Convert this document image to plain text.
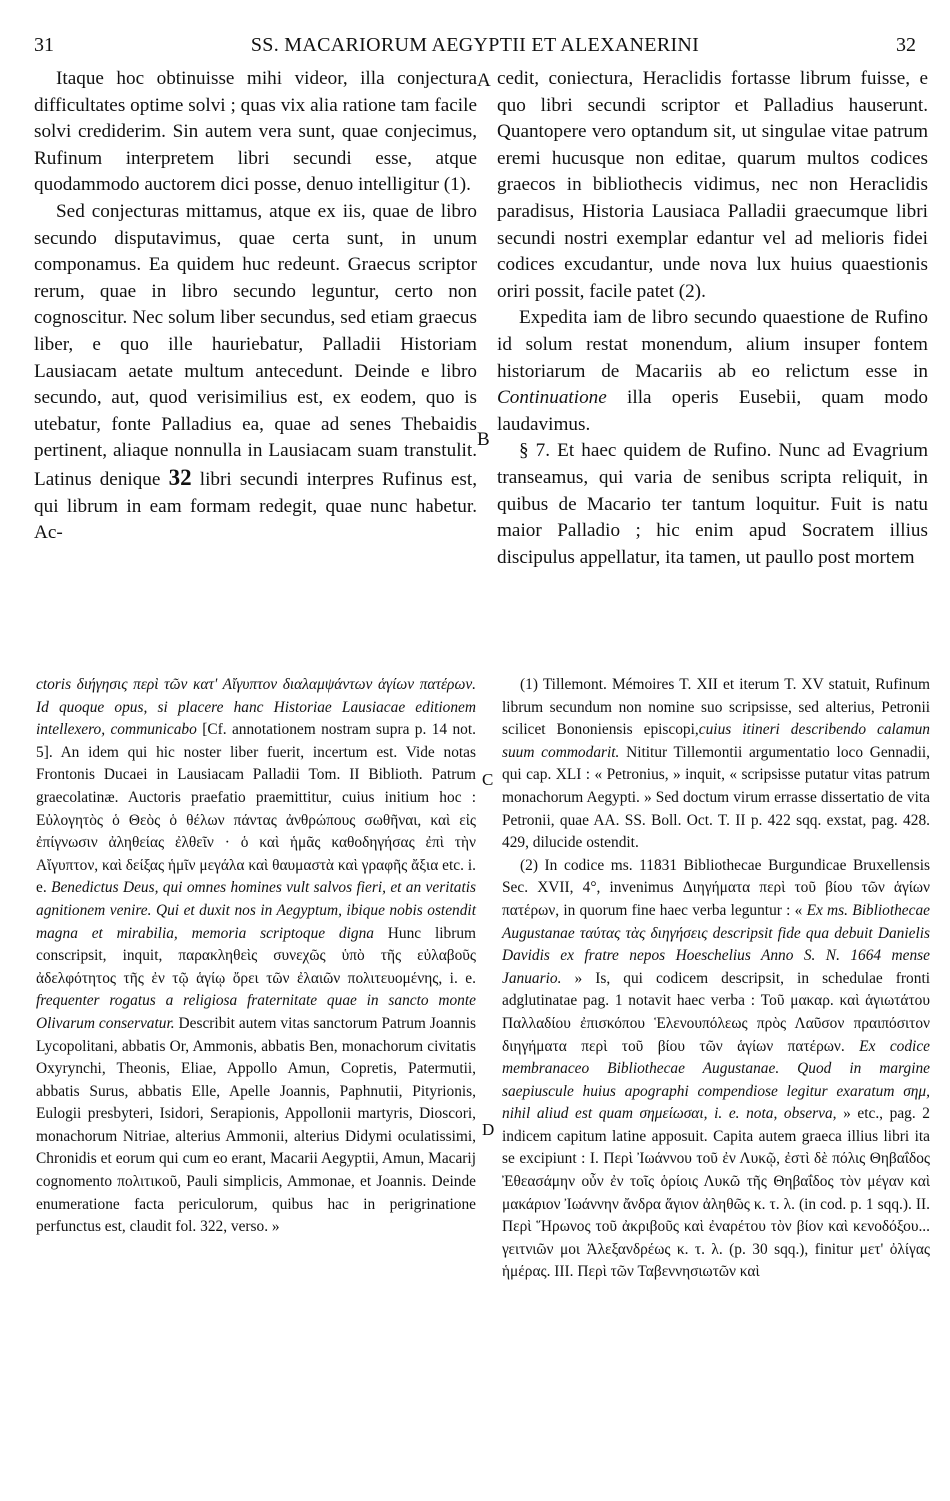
31	SS. MACARIORUM AEGYPTII ET ALEXANERINI	32
A
B
C
D

Itaque hoc obtinuisse mihi videor, illa conjectura difficultates optime solvi ; quas vix alia ratione tam facile solvi crediderim. Sin autem vera sunt, quae conjecimus, Rufinum interpretem libri secundi esse, atque quodammodo auctorem dici posse, denuo intelligitur (1).

Sed conjecturas mittamus, atque ex iis, quae de libro secundo disputavimus, quae certa sunt, in unum componamus. Ea quidem huc redeunt. Graecus scriptor rerum, quae in libro secundo leguntur, certo non cognoscitur. Nec solum liber secundus, sed etiam graecus liber, e quo ille hauriebatur, Palladii Historiam Lausiacam aetate multum antecedunt. Deinde e libro secundo, aut, quod verisimilius est, ex eodem, quo is utebatur, fonte Palladius ea, quae ad senes Thebaidis pertinent, aliaque nonnulla in Lausiacam suam transtulit. Latinus denique 32 libri secundi interpres Rufinus est, qui librum in eam formam redegit, quae nunc habetur. Ac-

cedit, coniectura, Heraclidis fortasse librum fuisse, e quo libri secundi scriptor et Palladius hauserunt. Quantopere vero optandum sit, ut singulae vitae patrum eremi hucusque non editae, quarum multos codices graecos in bibliothecis vidimus, nec non Heraclidis paradisus, Historia Lausiaca Palladii graecumque libri secundi nostri exemplar edantur vel ad melioris fidei codices excudantur, unde nova lux huius quaestionis oriri possit, facile patet (2).

Expedita iam de libro secundo quaestione de Rufino id solum restat monendum, alium insuper fontem historiarum de Macariis ab eo relictum esse in Continuatione illa operis Eusebii, quam modo laudavimus.

§ 7. Et haec quidem de Rufino. Nunc ad Evagrium transeamus, qui varia de senibus scripta reliquit, in quibus de Macario ter tantum loquitur. Fuit is natu maior Palladio ; hic enim apud Socratem illius discipulus appellatur, ita tamen, ut paullo post mortem

ctoris διήγησις περὶ τῶν κατ' Αἴγυπτον διαλαμψάντων ἁγίων πατέρων. Id quoque opus, si placere hanc Historiae Lausiacae editionem intellexero, communicabo [Cf. annotationem nostram supra p. 14 not. 5]. An idem qui hic noster liber fuerit, incertum est. Vide notas Frontonis Ducaei in Lausiacam Palladii Tom. II Biblioth. Patrum graecolatinæ. Auctoris praefatio praemittitur, cuius initium hoc : Εὐλογητὸς ὁ Θεὸς ὁ θέλων πάντας ἀνθρώπους σωθῆναι, καὶ εἰς ἐπίγνωσιν ἀληθείας ἐλθεῖν · ὁ καὶ ἡμᾶς καθοδηγήσας ἐπὶ τὴν Αἴγυπτον, καὶ δείξας ἡμῖν μεγάλα καὶ θαυμαστὰ καὶ γραφῆς ἄξια etc. i. e. Benedictus Deus, qui omnes homines vult salvos fieri, et an veritatis agnitionem venire. Qui et duxit nos in Aegyptum, ibique nobis ostendit magna et mirabilia, memoria scriptoque digna Hunc librum conscripsit, inquit, παρακληθεὶς συνεχῶς ὑπὸ τῆς εὐλαβοῦς ἀδελφότητος τῆς ἐν τῷ ἁγίῳ ὄρει τῶν ἐλαιῶν πολιτευομένης, i. e. frequenter rogatus a religiosa fraternitate quae in sancto monte Olivarum conservatur. Describit autem vitas sanctorum Patrum Joannis Lycopolitani, abbatis Or, Ammonis, abbatis Ben, monachorum civitatis Oxyrynchi, Theonis, Eliae, Appollo Amun, Copretis, Patermutii, abbatis Surus, abbatis Elle, Apelle Joannis, Paphnutii, Pityrionis, Eulogii presbyteri, Isidori, Serapionis, Appollonii martyris, Dioscori, monachorum Nitriae, alterius Ammonii, alterius Didymi oculatissimi, Chronidis et eorum qui cum eo erant, Macarii Aegyptii, Amun, Macarij cognomento πολιτικοῦ, Pauli simplicis, Ammonae, et Joannis. Deinde enumeratione facta periculorum, quibus hac in perigrinatione perfunctus est, claudit fol. 322, verso. »

(1) Tillemont. Mémoires T. XII et iterum T. XV statuit, Rufinum librum secundum non nomine suo scripsisse, sed alterius, Petronii scilicet Bononiensis episcopi,cuius itineri describendo calamun suum commodarit. Nititur Tillemontii argumentatio loco Gennadii, qui cap. XLI : « Petronius, » inquit, « scripsisse putatur vitas patrum monachorum Aegypti. » Sed doctum virum errasse dissertatio de vita Petronii, quae AA. SS. Boll. Oct. T. II p. 422 sqq. exstat, pag. 428. 429, dilucide ostendit.

(2) In codice ms. 11831 Bibliothecae Burgundicae Bruxellensis Sec. XVII, 4°, invenimus Διηγήματα περὶ τοῦ βίου τῶν ἁγίων πατέρων, in quorum fine haec verba leguntur : « Ex ms. Bibliothecae Augustanae ταύτας τὰς διηγήσεις descripsit fide qua debuit Danielis Davidis ex fratre nepos Hoeschelius Anno S. N. 1664 mense Januario. » Is, qui codicem descripsit, in schedulae fronti adglutinatae pag. 1 notavit haec verba : Τοῦ μακαρ. καὶ ἁγιωτάτου Παλλαδίου ἐπισκόπου Ἑλενουπόλεως πρὸς Λαῦσον πραιπόσιτον διηγήματα περὶ τοῦ βίου τῶν ἁγίων πατέρων. Ex codice membranaceo Bibliothecae Augustanae. Quod in margine saepiuscule huius apographi compendiose legitur exaratum σημ, nihil aliud est quam σημείωσαι, i. e. nota, observa, » etc., pag. 2 indicem capitum latine apposuit. Capita autem graeca illius libri ita se excipiunt : I. Περὶ Ἰωάννου τοῦ ἐν Λυκῷ, ἐστὶ δὲ πόλις Θηβαΐδος Ἐθεασάμην οὖν ἐν τοῖς ὁρίοις Λυκῶ τῆς Θηβαΐδος τὸν μέγαν καὶ μακάριον Ἰωάννην ἄνδρα ἅγιον ἀληθῶς κ. τ. λ. (in cod. p. 1 sqq.). II. Περὶ Ἥρωνος τοῦ ἀκριβοῦς καὶ ἐναρέτου τὸν βίον καὶ κενοδόξου... γειτνιῶν μοι Ἀλεξανδρέως κ. τ. λ. (p. 30 sqq.), finitur μετ' ὀλίγας ἡμέρας. III. Περὶ τῶν Ταβεννησιωτῶν καὶ
